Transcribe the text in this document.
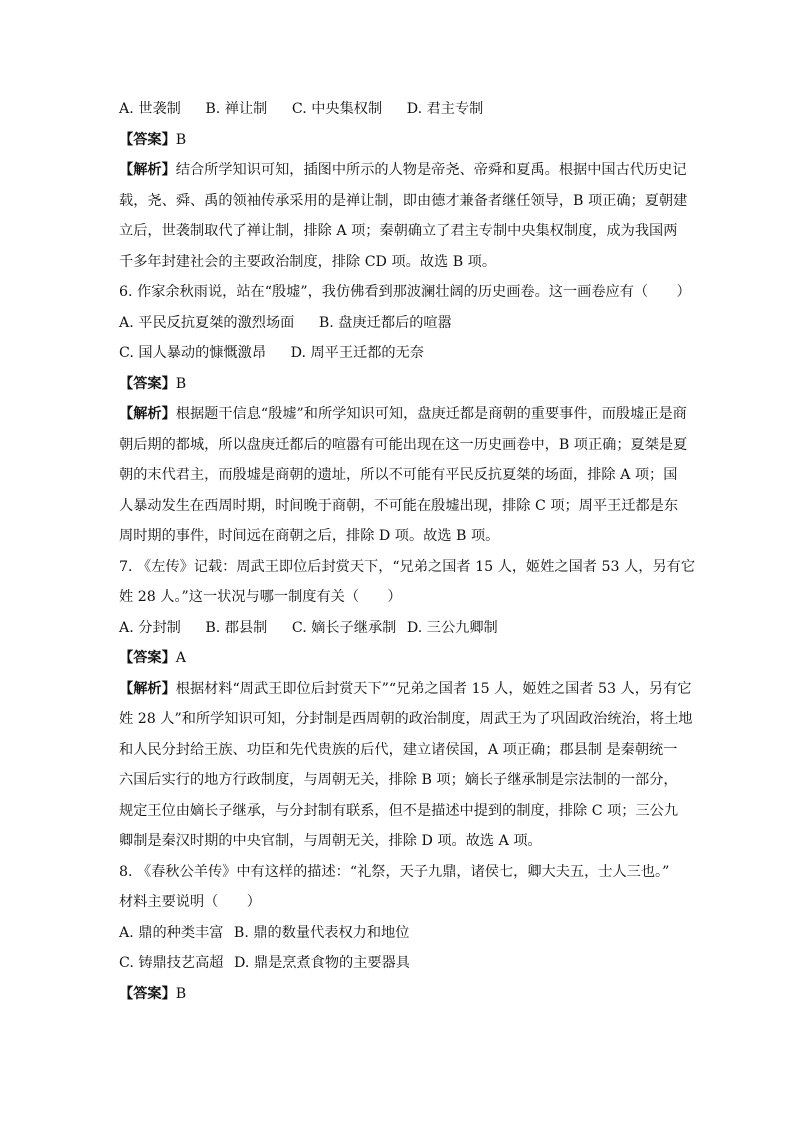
A. 世袭制 B. 禅让制 C. 中央集权制 D. 君主专制
【答案】B
【解析】结合所学知识可知，插图中所示的人物是帝尧、帝舜和夏禹。根据中国古代历史记
载，尧、舜、禹的领袖传承采用的是禅让制，即由德才兼备者继任领导，B 项正确；夏朝建
立后，世袭制取代了禅让制，排除 A 项；秦朝确立了君主专制中央集权制度，成为我国两
千多年封建社会的主要政治制度，排除 CD 项。故选 B 项。
6. 作家余秋雨说，站在“殷墟”，我仿佛看到那波澜壮阔的历史画卷。这一画卷应有（　　）
A. 平民反抗夏桀的激烈场面 B. 盘庚迁都后的喧嚣
C. 国人暴动的慷慨激昂 D. 周平王迁都的无奈
【答案】B
【解析】根据题干信息“殷墟”和所学知识可知，盘庚迁都是商朝的重要事件，而殷墟正是商
朝后期的都城，所以盘庚迁都后的喧嚣有可能出现在这一历史画卷中，B 项正确；夏桀是夏
朝的末代君主，而殷墟是商朝的遗址，所以不可能有平民反抗夏桀的场面，排除 A 项；国
人暴动发生在西周时期，时间晚于商朝，不可能在殷墟出现，排除 C 项；周平王迁都是东
周时期的事件，时间远在商朝之后，排除 D 项。故选 B 项。
7. 《左传》记载：周武王即位后封赏天下，“兄弟之国者 15 人，姬姓之国者 53 人，另有它
姓 28 人。”这一状况与哪一制度有关（　　）
A. 分封制 B. 郡县制 C. 嫡长子继承制 D. 三公九卿制
【答案】A
【解析】根据材料“周武王即位后封赏天下”“兄弟之国者 15 人，姬姓之国者 53 人，另有它
姓 28 人”和所学知识可知，分封制是西周朝的政治制度，周武王为了巩固政治统治，将土地
和人民分封给王族、功臣和先代贵族的后代，建立诸侯国，A 项正确；郡县制 是秦朝统一
六国后实行的地方行政制度，与周朝无关，排除 B 项；嫡长子继承制是宗法制的一部分，
规定王位由嫡长子继承，与分封制有联系，但不是描述中提到的制度，排除 C 项；三公九
卿制是秦汉时期的中央官制，与周朝无关，排除 D 项。故选 A 项。
8. 《春秋公羊传》中有这样的描述：“礼祭，天子九鼎，诸侯七，卿大夫五，士人三也。”
材料主要说明（　　）
A. 鼎的种类丰富 B. 鼎的数量代表权力和地位
C. 铸鼎技艺高超 D. 鼎是烹煮食物的主要器具
【答案】B
